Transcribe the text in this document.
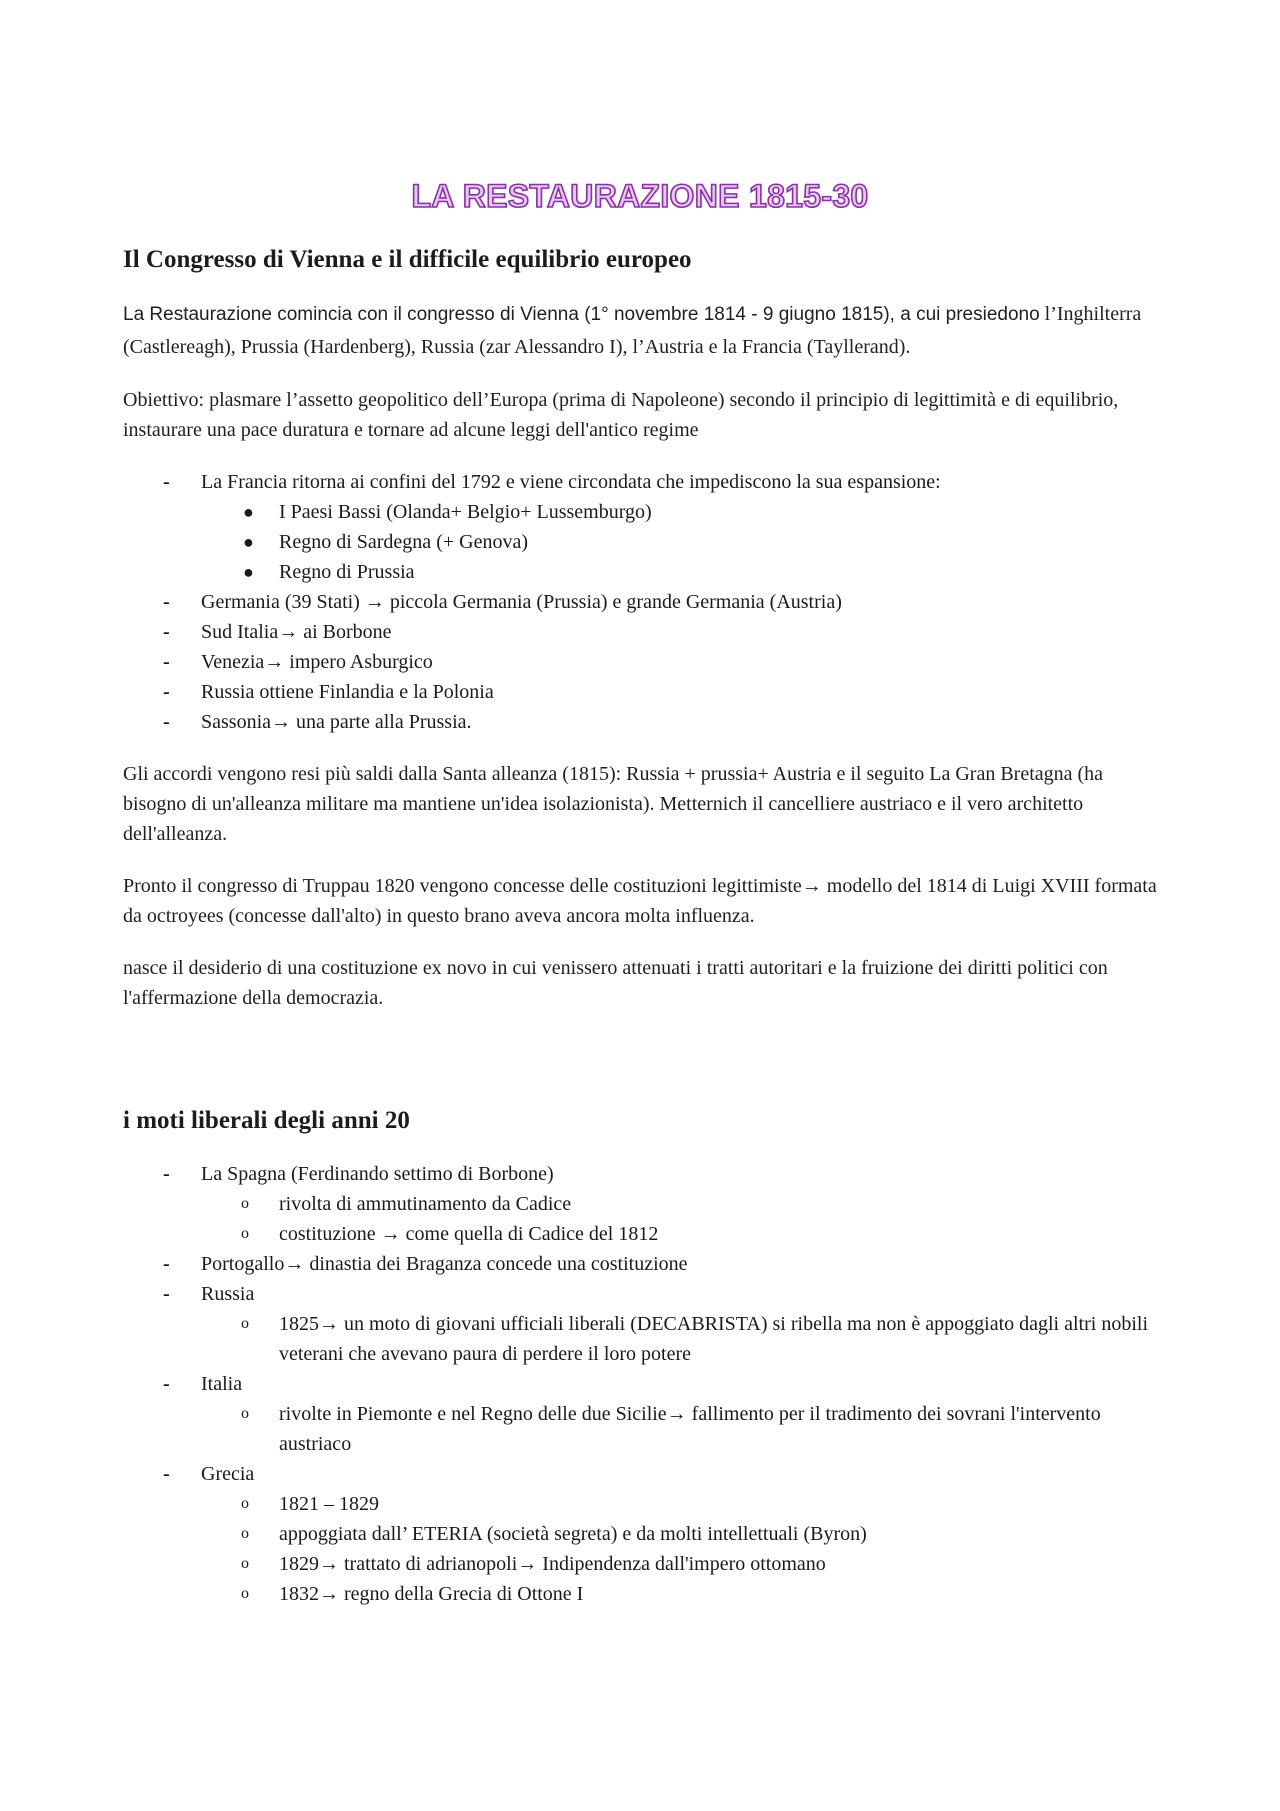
LA RESTAURAZIONE 1815-30
Il Congresso di Vienna e il difficile equilibrio europeo

La Restaurazione comincia con il congresso di Vienna (1° novembre 1814 - 9 giugno 1815), a cui presiedono l’Inghilterra (Castlereagh), Prussia (Hardenberg), Russia (zar Alessandro I), l’Austria e la Francia (Tayllerand).

Obiettivo: plasmare l’assetto geopolitico dell’Europa (prima di Napoleone) secondo il principio di legittimità e di equilibrio, instaurare una pace duratura e tornare ad alcune leggi dell'antico regime

- La Francia ritorna ai confini del 1792 e viene circondata che impediscono la sua espansione:
● I Paesi Bassi (Olanda+ Belgio+ Lussemburgo)
● Regno di Sardegna (+ Genova)
● Regno di Prussia
- Germania (39 Stati) → piccola Germania (Prussia) e grande Germania (Austria)
- Sud Italia→ ai Borbone
- Venezia→ impero Asburgico
- Russia ottiene Finlandia e la Polonia
- Sassonia→ una parte alla Prussia.

Gli accordi vengono resi più saldi dalla Santa alleanza (1815): Russia + prussia+ Austria e il seguito La Gran Bretagna (ha bisogno di un'alleanza militare ma mantiene un'idea isolazionista). Metternich il cancelliere austriaco e il vero architetto dell'alleanza.

Pronto il congresso di Truppau 1820 vengono concesse delle costituzioni legittimiste→ modello del 1814 di Luigi XVIII formata da octroyees (concesse dall'alto) in questo brano aveva ancora molta influenza.

nasce il desiderio di una costituzione ex novo in cui venissero attenuati i tratti autoritari e la fruizione dei diritti politici con l'affermazione della democrazia.

i moti liberali degli anni 20
- La Spagna (Ferdinando settimo di Borbone)
o rivolta di ammutinamento da Cadice
o costituzione → come quella di Cadice del 1812
- Portogallo→ dinastia dei Braganza concede una costituzione
- Russia
o 1825→ un moto di giovani ufficiali liberali (DECABRISTA) si ribella ma non è appoggiato dagli altri nobili veterani che avevano paura di perdere il loro potere
- Italia
o rivolte in Piemonte e nel Regno delle due Sicilie→ fallimento per il tradimento dei sovrani l'intervento austriaco
- Grecia
o 1821 – 1829
o appoggiata dall’ ETERIA (società segreta) e da molti intellettuali (Byron)
o 1829→ trattato di adrianopoli→ Indipendenza dall'impero ottomano
o 1832→ regno della Grecia di Ottone I
